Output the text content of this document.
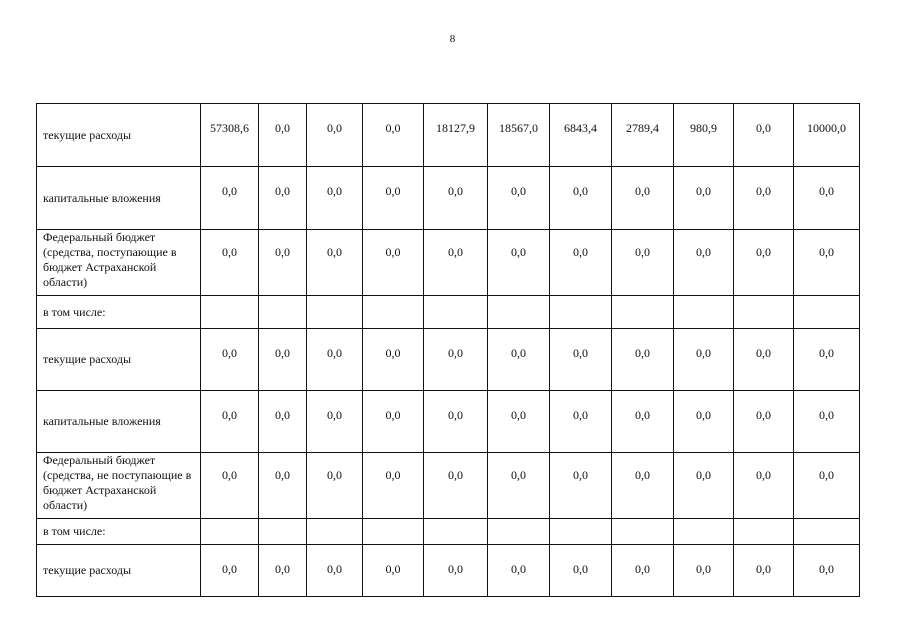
8
текущие расходы	57308,6	0,0	0,0	0,0	18127,9	18567,0	6843,4	2789,4	980,9	0,0	10000,0
капитальные вложения	0,0	0,0	0,0	0,0	0,0	0,0	0,0	0,0	0,0	0,0	0,0
Федеральный бюджет (средства, поступающие в бюджет Астраханской области)	0,0	0,0	0,0	0,0	0,0	0,0	0,0	0,0	0,0	0,0	0,0
в том числе:											
текущие расходы	0,0	0,0	0,0	0,0	0,0	0,0	0,0	0,0	0,0	0,0	0,0
капитальные вложения	0,0	0,0	0,0	0,0	0,0	0,0	0,0	0,0	0,0	0,0	0,0
Федеральный бюджет (средства, не поступающие в бюджет Астраханской области)	0,0	0,0	0,0	0,0	0,0	0,0	0,0	0,0	0,0	0,0	0,0
в том числе:											
текущие расходы	0,0	0,0	0,0	0,0	0,0	0,0	0,0	0,0	0,0	0,0	0,0
